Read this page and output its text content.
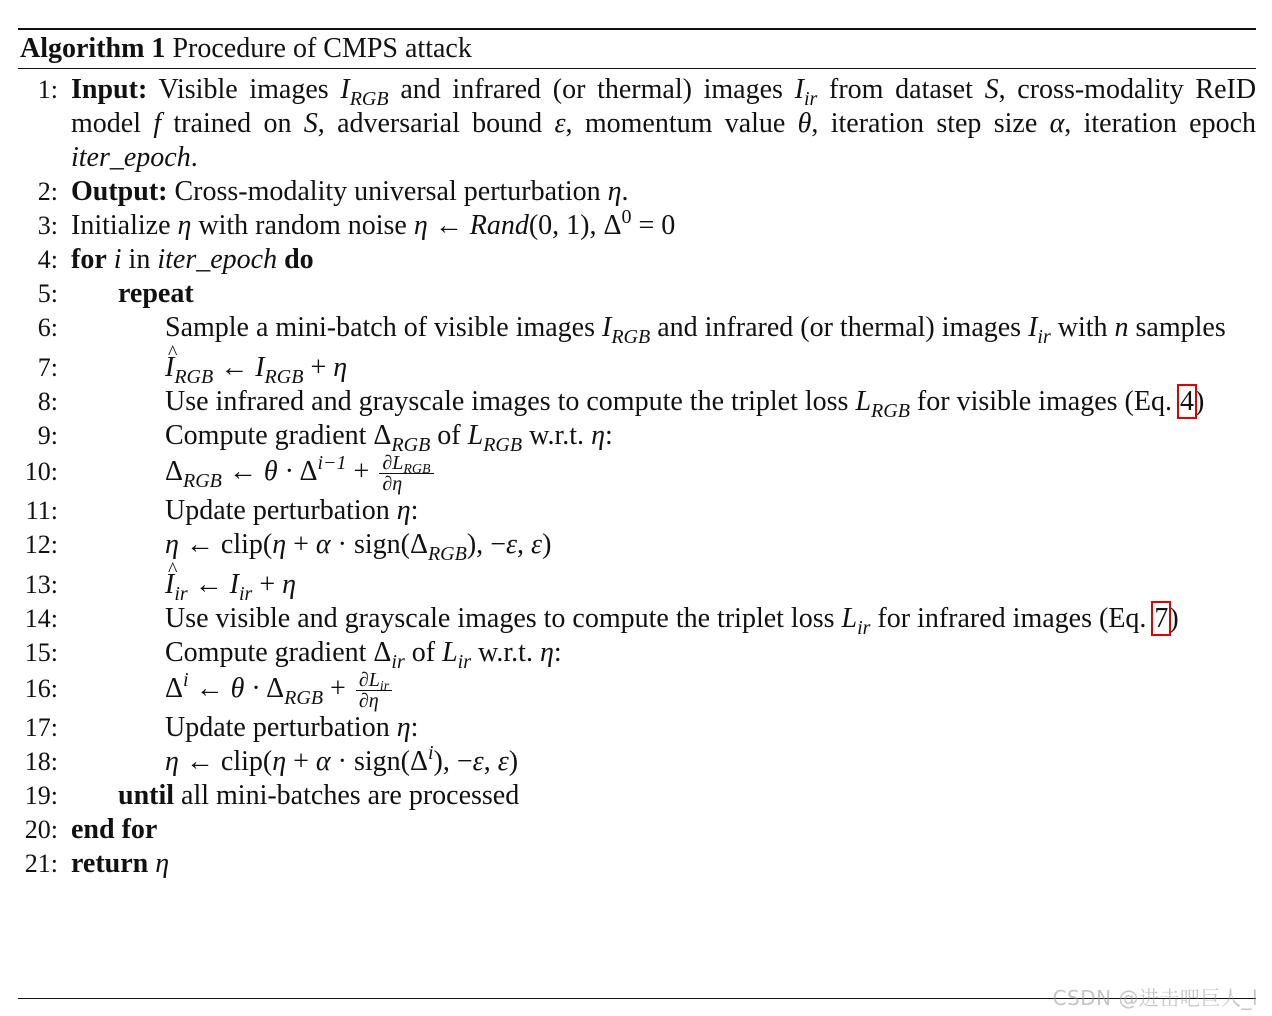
Algorithm 1 Procedure of CMPS attack
1: Input: Visible images $I_{RGB}$ and infrared (or thermal) images $I_{ir}$ from dataset S, cross-modality ReID model f trained on S, adversarial bound ε, momentum value θ, iteration step size α, iteration epoch iter_epoch.
2: Output: Cross-modality universal perturbation η.
3: Initialize η with random noise η ← Rand(0, 1), $\Delta^0 = 0$
4: for i in iter_epoch do
5:	repeat
6:	Sample a mini-batch of visible images $I_{RGB}$ and infrared (or thermal) images $I_{ir}$ with n samples
7:	^ $I_{RGB}$ ← $I_{RGB} + \eta$
8:	Use infrared and grayscale images to compute the triplet loss $L_{RGB}$ for visible images (Eq. 4)
9:	Compute gradient $\Delta_{RGB}$ of $L_{RGB}$ w.r.t. η:
10:	$\Delta_{RGB}$ ← $\theta \cdot \Delta^{i-1} + \frac{\partial L_{RGB}}{\partial\eta}$
11:	Update perturbation η:
12:	η ← clip(η + $\alpha \cdot sign(\Delta_{RGB})$, −ε, ε)
13:	^ $I_{ir}$ ← $I_{ir} + \eta$
14:	Use visible and grayscale images to compute the triplet loss $L_{ir}$ for infrared images (Eq. 7)
15:	Compute gradient $\Delta_{ir}$ of $L_{ir}$ w.r.t. η:
16:	$\Delta^i$ ← $\theta \cdot \Delta_{RGB} + \frac{\partial L_{ir}}{\partial\eta}$
17:	Update perturbation η:
18:	η ← clip(η + $\alpha \cdot sign(\Delta^i)$, −ε, ε)
19:	until all mini-batches are processed
20: end for
21: return η
CSDN @进击吧巨人_l
